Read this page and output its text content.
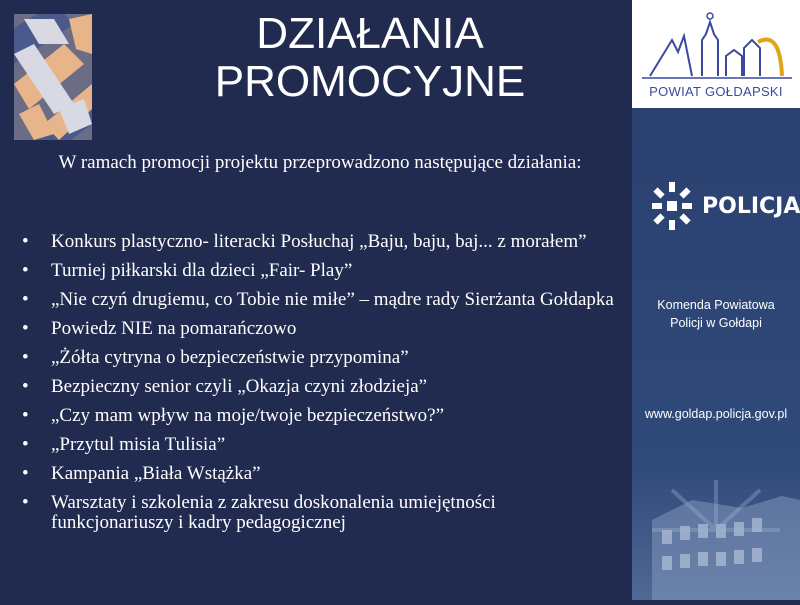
DZIAŁANIA PROMOCYJNE
W ramach promocji projektu przeprowadzono następujące działania:
• Konkurs plastyczno- literacki Posłuchaj „Baju, baju, baj... z morałem”
• Turniej piłkarski dla dzieci „Fair- Play”
• „Nie czyń drugiemu, co Tobie nie miłe” – mądre rady Sierżanta Gołdapka
• Powiedz NIE na pomarańczowo
• „Żółta cytryna o bezpieczeństwie przypomina”
• Bezpieczny senior czyli „Okazja czyni złodzieja”
• „Czy mam wpływ na moje/twoje bezpieczeństwo?”
• „Przytul misia Tulisia”
• Kampania „Biała Wstążka”
• Warsztaty i szkolenia z zakresu doskonalenia umiejętności funkcjonariuszy i kadry pedagogicznej
POWIAT GOŁDAPSKI
POLICJA
Komenda Powiatowa
Policji w Gołdapi
www.goldap.policja.gov.pl
